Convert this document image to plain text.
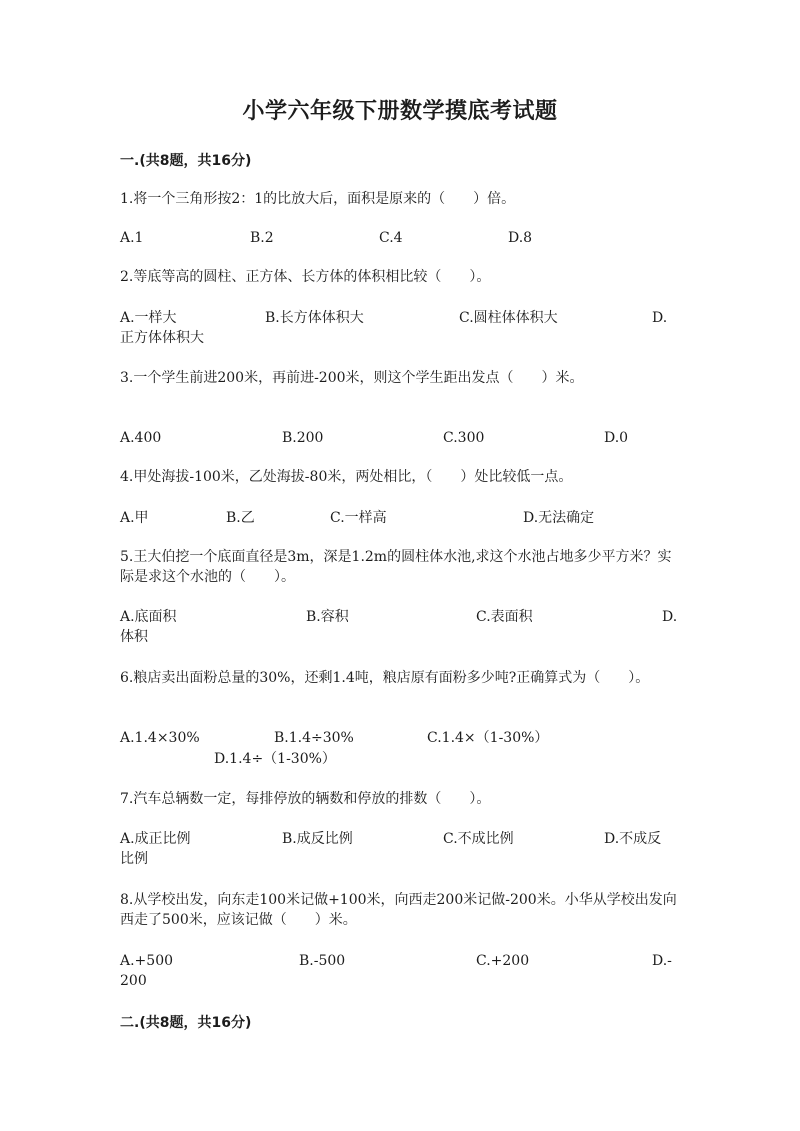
小学六年级下册数学摸底考试题
一.(共8题，共16分)
1.将一个三角形按2：1的比放大后，面积是原来的（　　）倍。
A.1	B.2	C.4	D.8
2.等底等高的圆柱、正方体、长方体的体积相比较（　　）。
A.一样大	B.长方体体积大	C.圆柱体体积大	D.
正方体体积大
3.一个学生前进200米，再前进-200米，则这个学生距出发点（　　）米。
A.400	B.200	C.300	D.0
4.甲处海拔-100米，乙处海拔-80米，两处相比，（　　）处比较低一点。
A.甲	B.乙	C.一样高	D.无法确定
5.王大伯挖一个底面直径是3m，深是1.2m的圆柱体水池,求这个水池占地多少平方米？实际是求这个水池的（　　）。
A.底面积	B.容积	C.表面积	D.
体积
6.粮店卖出面粉总量的30%，还剩1.4吨，粮店原有面粉多少吨?正确算式为（　　）。
A.1.4×30%	B.1.4÷30%	C.1.4×（1-30%）
D.1.4÷（1-30%）
7.汽车总辆数一定，每排停放的辆数和停放的排数（　　）。
A.成正比例	B.成反比例	C.不成比例	D.不成反
比例
8.从学校出发，向东走100米记做+100米，向西走200米记做-200米。小华从学校出发向西走了500米，应该记做（　　）米。
A.+500	B.-500	C.+200	D.-
200
二.(共8题，共16分)
